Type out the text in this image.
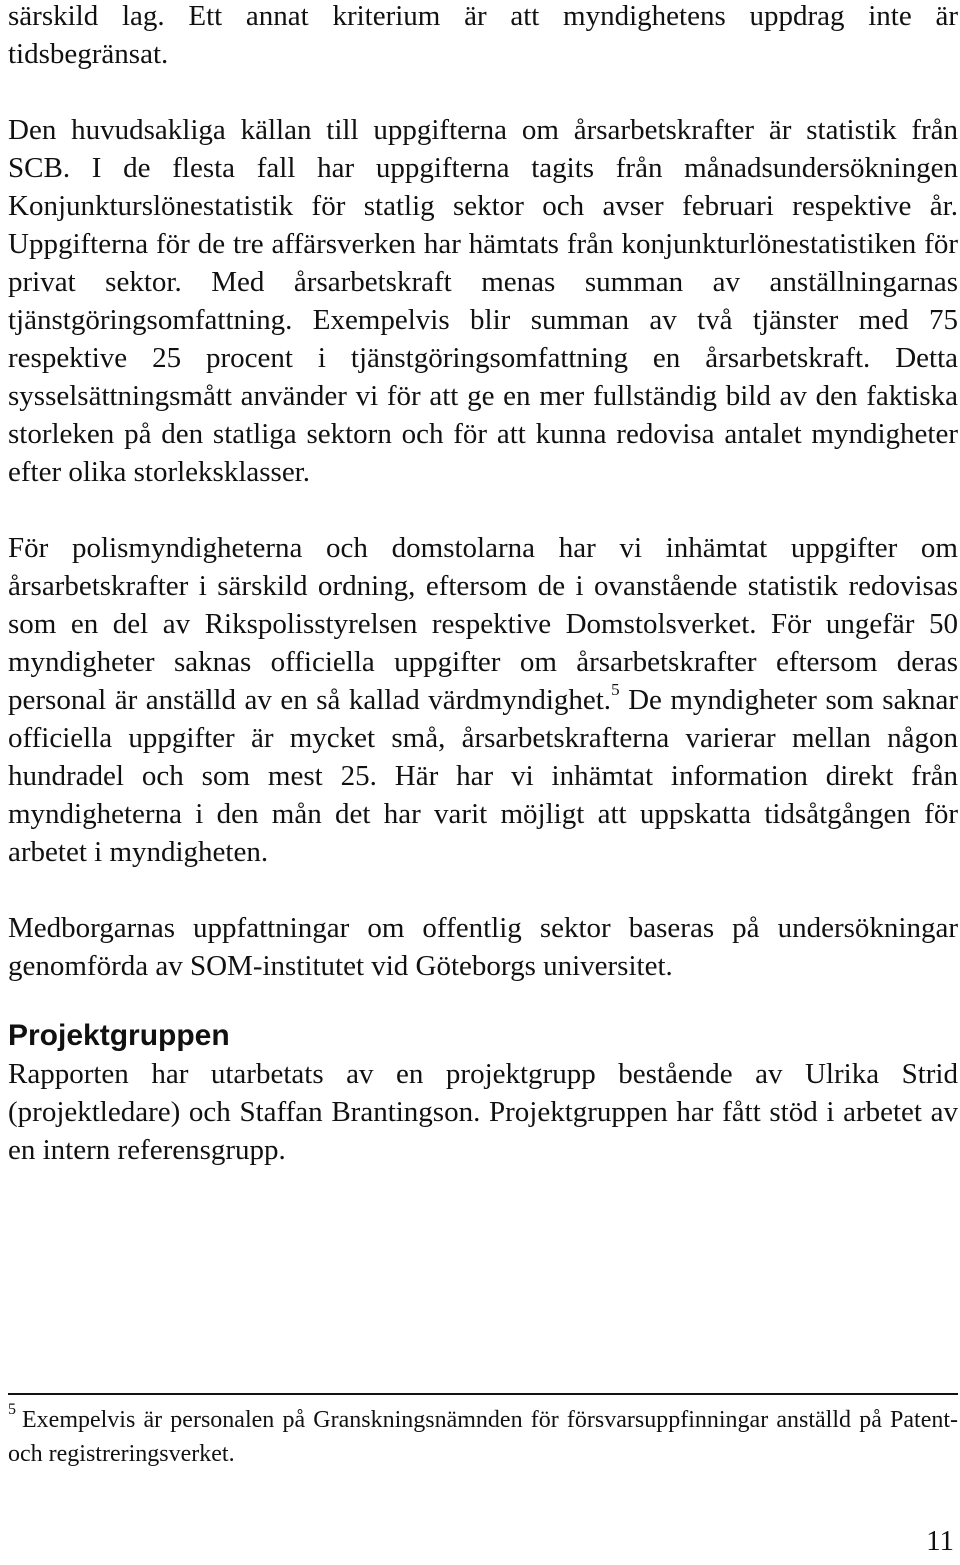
särskild lag. Ett annat kriterium är att myndighetens uppdrag inte är tidsbegränsat.

Den huvudsakliga källan till uppgifterna om årsarbetskrafter är statistik från SCB. I de flesta fall har uppgifterna tagits från månadsundersökningen Konjunkturslönestatistik för statlig sektor och avser februari respektive år. Uppgifterna för de tre affärsverken har hämtats från konjunkturlönestatistiken för privat sektor. Med årsarbetskraft menas summan av anställningarnas tjänstgöringsomfattning. Exempelvis blir summan av två tjänster med 75 respektive 25 procent i tjänstgöringsomfattning en årsarbetskraft. Detta sysselsättningsmått använder vi för att ge en mer fullständig bild av den faktiska storleken på den statliga sektorn och för att kunna redovisa antalet myndigheter efter olika storleksklasser.

För polismyndigheterna och domstolarna har vi inhämtat uppgifter om årsarbetskrafter i särskild ordning, eftersom de i ovanstående statistik redovisas som en del av Rikspolisstyrelsen respektive Domstolsverket. För ungefär 50 myndigheter saknas officiella uppgifter om årsarbetskrafter eftersom deras personal är anställd av en så kallad värdmyndighet.$^5$ De myndigheter som saknar officiella uppgifter är mycket små, årsarbetskrafterna varierar mellan någon hundradel och som mest 25. Här har vi inhämtat information direkt från myndigheterna i den mån det har varit möjligt att uppskatta tidsåtgången för arbetet i myndigheten.

Medborgarnas uppfattningar om offentlig sektor baseras på undersökningar genomförda av SOM-institutet vid Göteborgs universitet.

Projektgruppen

Rapporten har utarbetats av en projektgrupp bestående av Ulrika Strid (projektledare) och Staffan Brantingson. Projektgruppen har fått stöd i arbetet av en intern referensgrupp.

$^5$ Exempelvis är personalen på Granskningsnämnden för försvarsuppfinningar anställd på Patent- och registreringsverket.

11
